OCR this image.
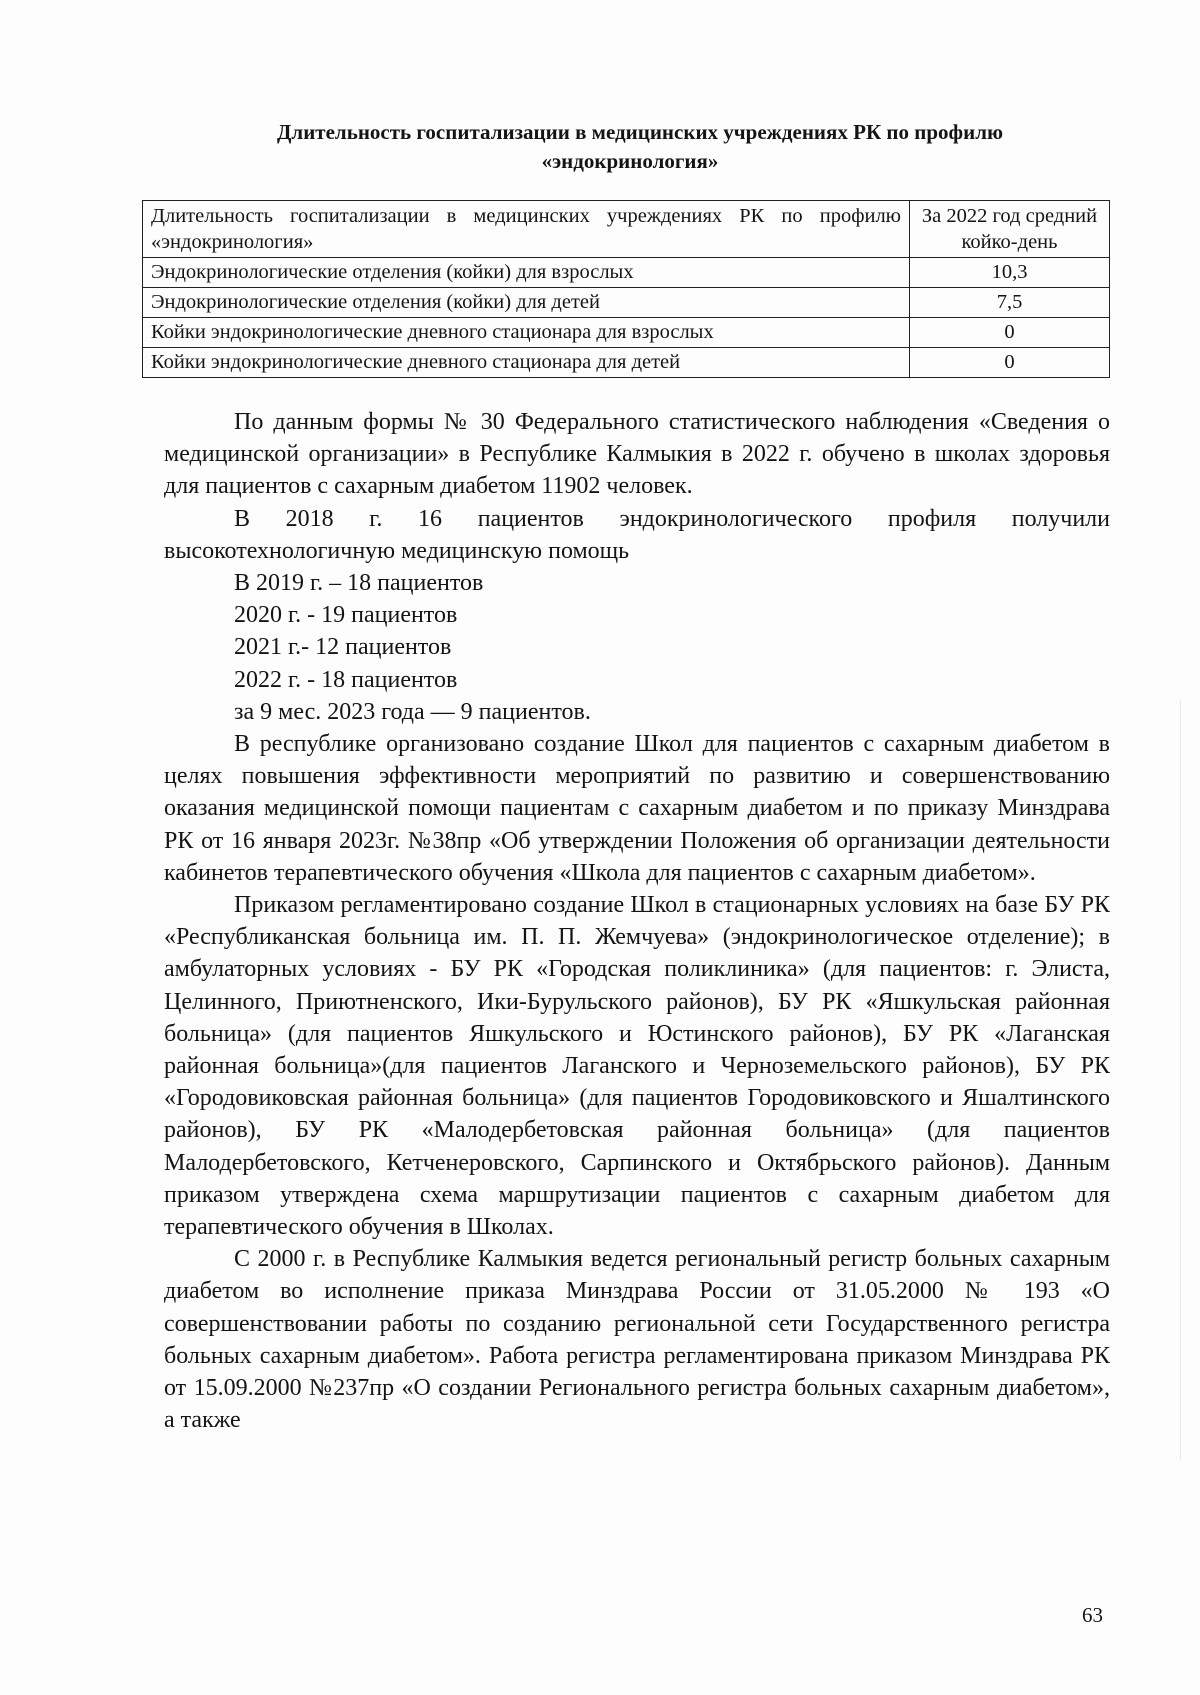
Длительность госпитализации в медицинских учреждениях РК по профилю
«эндокринология»
Длительность госпитализации в медицинских учреждениях РК по профилю «эндокринология»	За 2022 год средний койко-день
Эндокринологические отделения (койки) для взрослых	10,3
Эндокринологические отделения (койки) для детей	7,5
Койки эндокринологические дневного стационара для взрослых	0
Койки эндокринологические дневного стационара для детей	0

По данным формы № 30 Федерального статистического наблюдения «Сведения о медицинской организации» в Республике Калмыкия в 2022 г. обучено в школах здоровья для пациентов с сахарным диабетом 11902 человек.

В 2018 г. 16 пациентов эндокринологического профиля получили высокотехнологичную медицинскую помощь

В 2019 г. – 18 пациентов

2020 г. - 19 пациентов

2021 г.- 12 пациентов

2022 г. - 18 пациентов

за 9 мес. 2023 года — 9 пациентов.

В республике организовано создание Школ для пациентов с сахарным диабетом в целях повышения эффективности мероприятий по развитию и совершенствованию оказания медицинской помощи пациентам с сахарным диабетом и по приказу Минздрава РК от 16 января 2023г. №38пр «Об утверждении Положения об организации деятельности кабинетов терапевтического обучения «Школа для пациентов с сахарным диабетом».

Приказом регламентировано создание Школ в стационарных условиях на базе БУ РК «Республиканская больница им. П. П. Жемчуева» (эндокринологическое отделение); в амбулаторных условиях - БУ РК «Городская поликлиника» (для пациентов: г. Элиста, Целинного, Приютненского, Ики-Бурульского районов), БУ РК «Яшкульская районная больница» (для пациентов Яшкульского и Юстинского районов), БУ РК «Лаганская районная больница»(для пациентов Лаганского и Черноземельского районов), БУ РК «Городовиковская районная больница» (для пациентов Городовиковского и Яшалтинского районов), БУ РК «Малодербетовская районная больница» (для пациентов Малодербетовского, Кетченеровского, Сарпинского и Октябрьского районов). Данным приказом утверждена схема маршрутизации пациентов с сахарным диабетом для терапевтического обучения в Школах.

С 2000 г. в Республике Калмыкия ведется региональный регистр больных сахарным диабетом во исполнение приказа Минздрава России от 31.05.2000 № 193 «О совершенствовании работы по созданию региональной сети Государственного регистра больных сахарным диабетом». Работа регистра регламентирована приказом Минздрава РК от 15.09.2000 №237пр «О создании Регионального регистра больных сахарным диабетом», а также

63
